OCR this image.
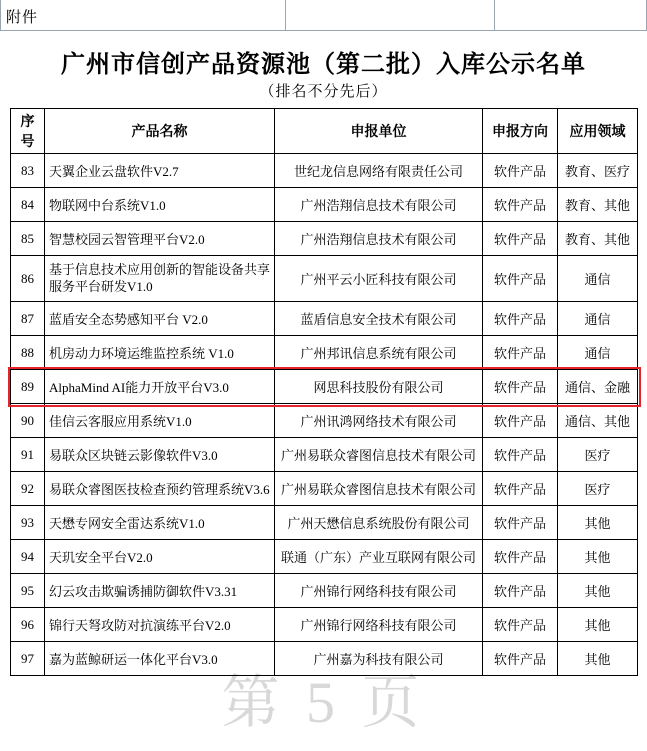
附件
广州市信创产品资源池（第二批）入库公示名单
（排名不分先后）
第 5 页
序号	产品名称	申报单位	申报方向	应用领域
83	天翼企业云盘软件V2.7	世纪龙信息网络有限责任公司	软件产品	教育、医疗
84	物联网中台系统V1.0	广州浩翔信息技术有限公司	软件产品	教育、其他
85	智慧校园云智管理平台V2.0	广州浩翔信息技术有限公司	软件产品	教育、其他
86	基于信息技术应用创新的智能设备共享服务平台研发V1.0	广州平云小匠科技有限公司	软件产品	通信
87	蓝盾安全态势感知平台 V2.0	蓝盾信息安全技术有限公司	软件产品	通信
88	机房动力环境运维监控系统 V1.0	广州邦讯信息系统有限公司	软件产品	通信
89	AlphaMind AI能力开放平台V3.0	网思科技股份有限公司	软件产品	通信、金融
90	佳信云客服应用系统V1.0	广州讯鸿网络技术有限公司	软件产品	通信、其他
91	易联众区块链云影像软件V3.0	广州易联众睿图信息技术有限公司	软件产品	医疗
92	易联众睿图医技检查预约管理系统V3.6	广州易联众睿图信息技术有限公司	软件产品	医疗
93	天懋专网安全雷达系统V1.0	广州天懋信息系统股份有限公司	软件产品	其他
94	天玑安全平台V2.0	联通（广东）产业互联网有限公司	软件产品	其他
95	幻云攻击欺骗诱捕防御软件V3.31	广州锦行网络科技有限公司	软件产品	其他
96	锦行天弩攻防对抗演练平台V2.0	广州锦行网络科技有限公司	软件产品	其他
97	嘉为蓝鲸研运一体化平台V3.0	广州嘉为科技有限公司	软件产品	其他
